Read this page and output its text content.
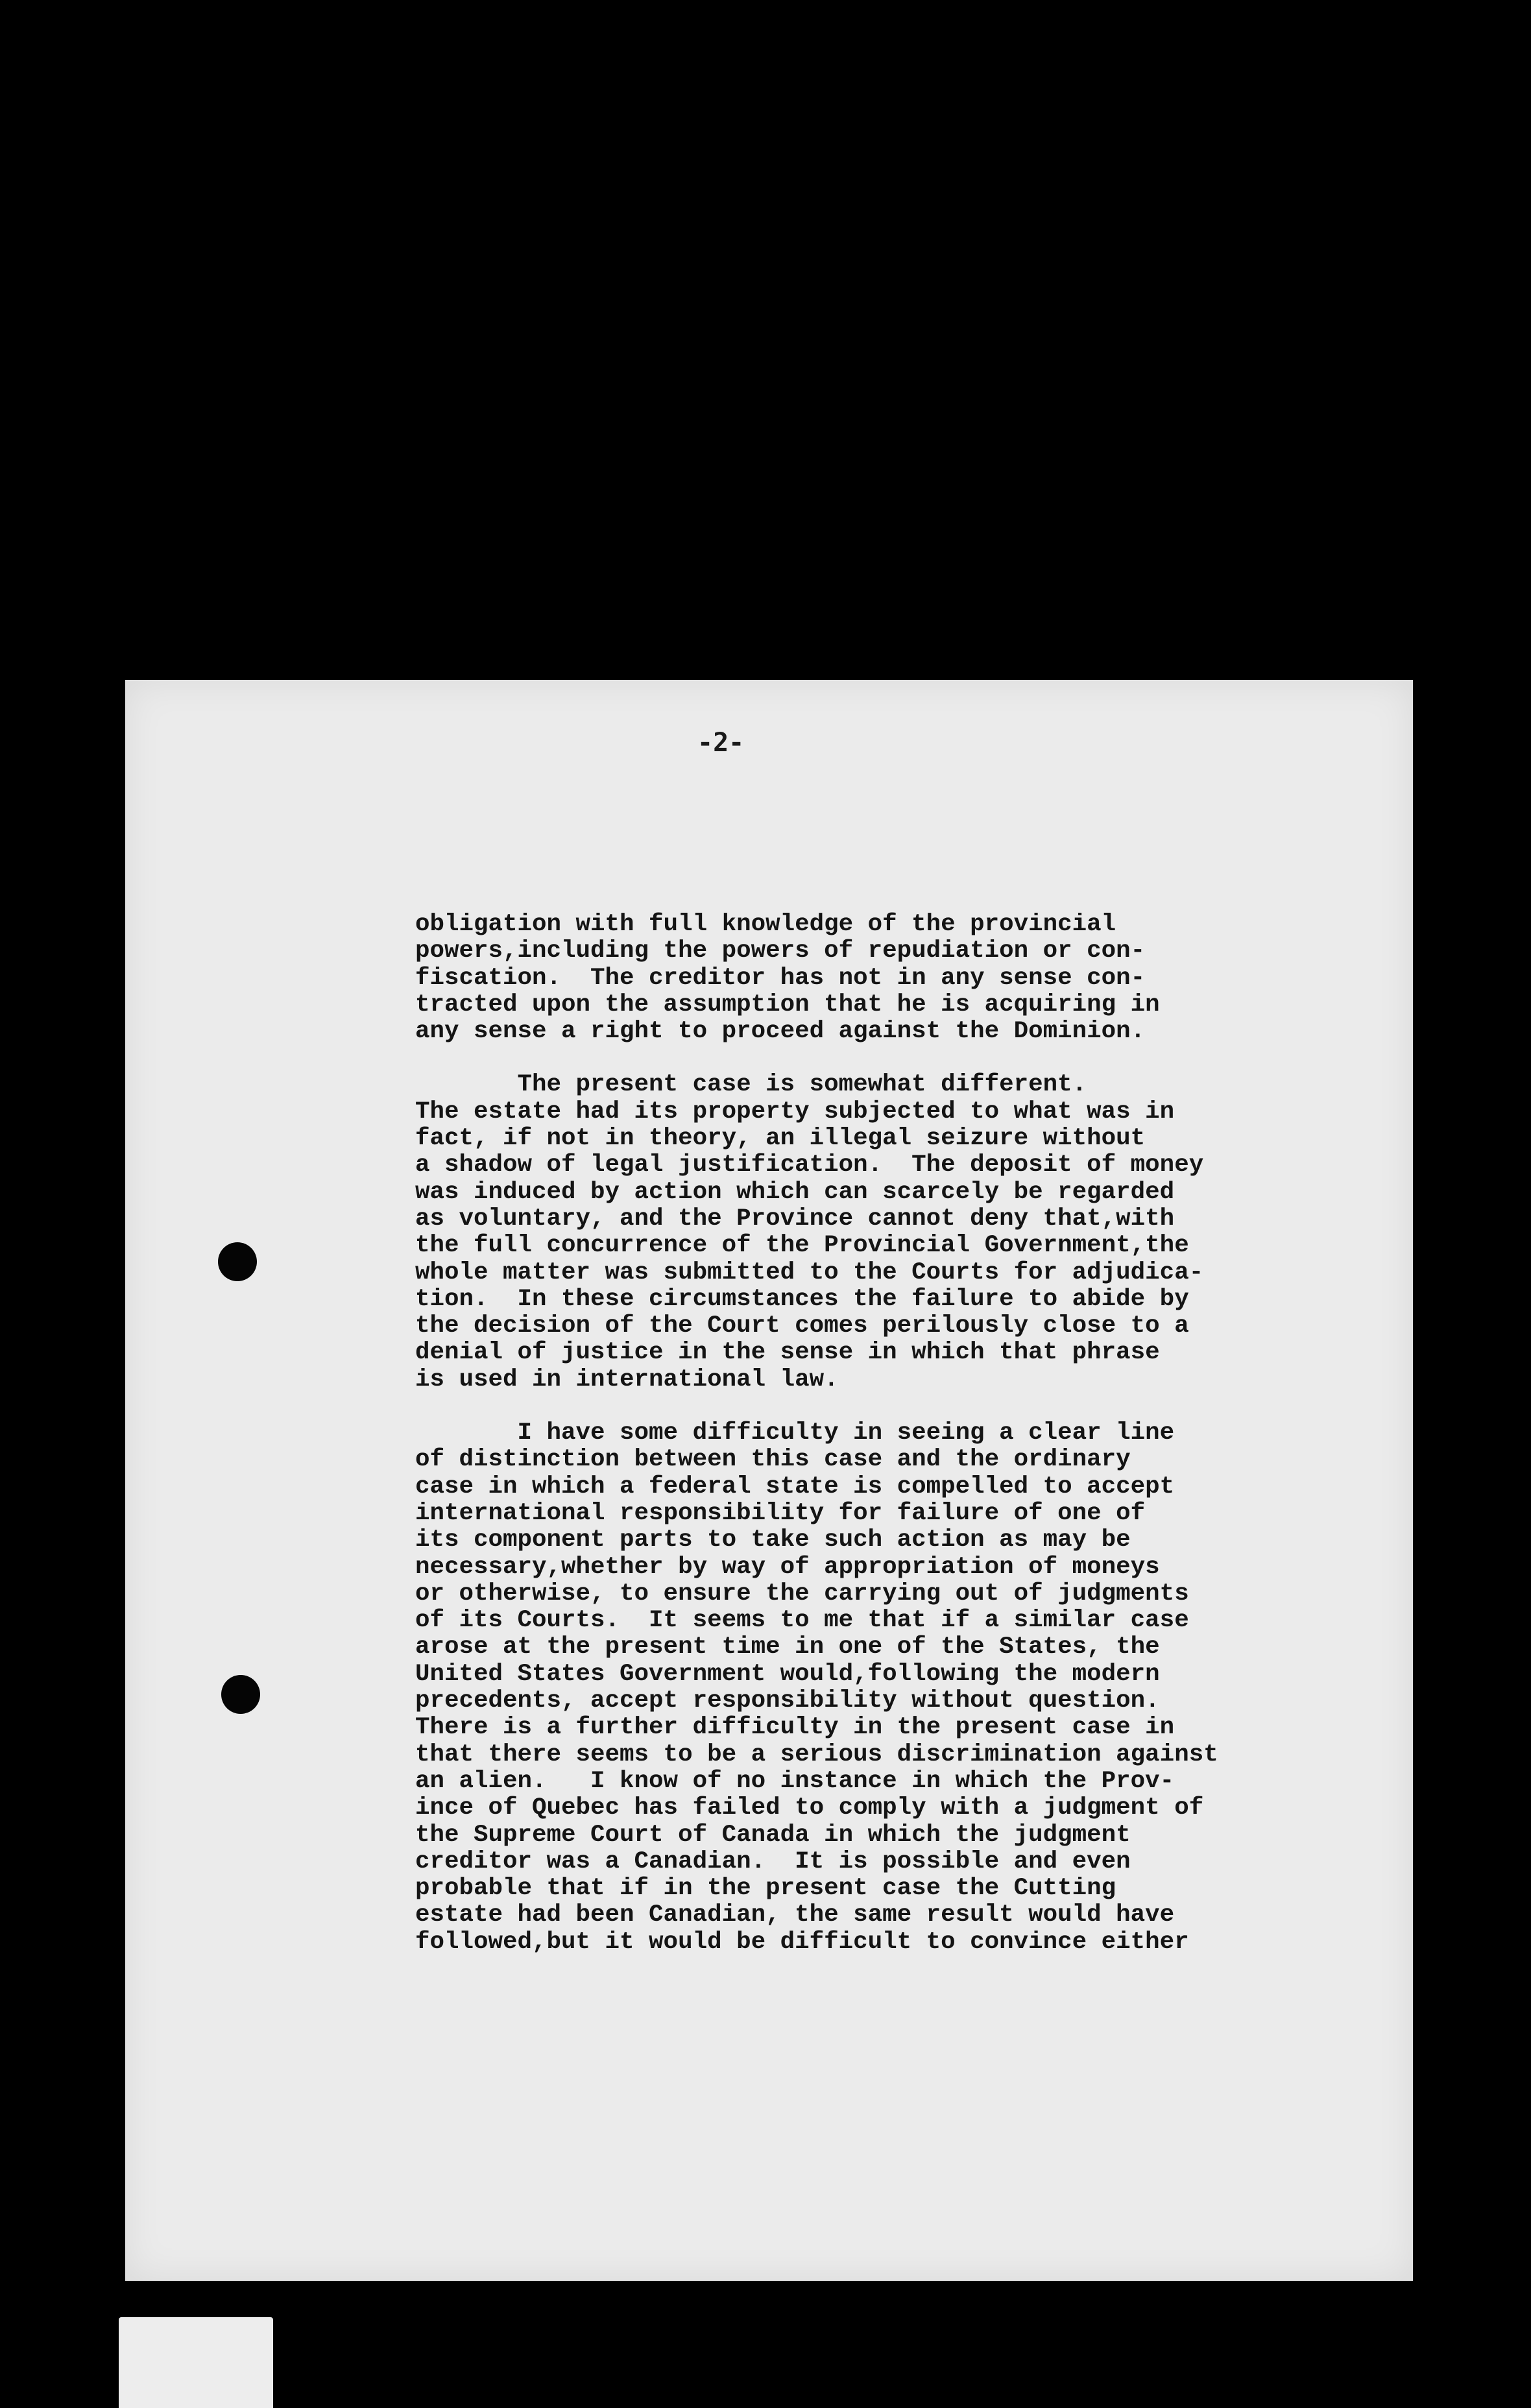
-2-

obligation with full knowledge of the provincial

powers,including the powers of repudiation or con-

fiscation.  The creditor has not in any sense con-

tracted upon the assumption that he is acquiring in

any sense a right to proceed against the Dominion.

The present case is somewhat different.

The estate had its property subjected to what was in

fact, if not in theory, an illegal seizure without

a shadow of legal justification.  The deposit of money

was induced by action which can scarcely be regarded

as voluntary, and the Province cannot deny that,with

the full concurrence of the Provincial Government,the

whole matter was submitted to the Courts for adjudica-

tion.  In these circumstances the failure to abide by

the decision of the Court comes perilously close to a

denial of justice in the sense in which that phrase

is used in international law.

I have some difficulty in seeing a clear line

of distinction between this case and the ordinary

case in which a federal state is compelled to accept

international responsibility for failure of one of

its component parts to take such action as may be

necessary,whether by way of appropriation of moneys

or otherwise, to ensure the carrying out of judgments

of its Courts.  It seems to me that if a similar case

arose at the present time in one of the States, the

United States Government would,following the modern

precedents, accept responsibility without question.

There is a further difficulty in the present case in

that there seems to be a serious discrimination against

an alien.   I know of no instance in which the Prov-

ince of Quebec has failed to comply with a judgment of

the Supreme Court of Canada in which the judgment

creditor was a Canadian.  It is possible and even

probable that if in the present case the Cutting

estate had been Canadian, the same result would have

followed,but it would be difficult to convince either
